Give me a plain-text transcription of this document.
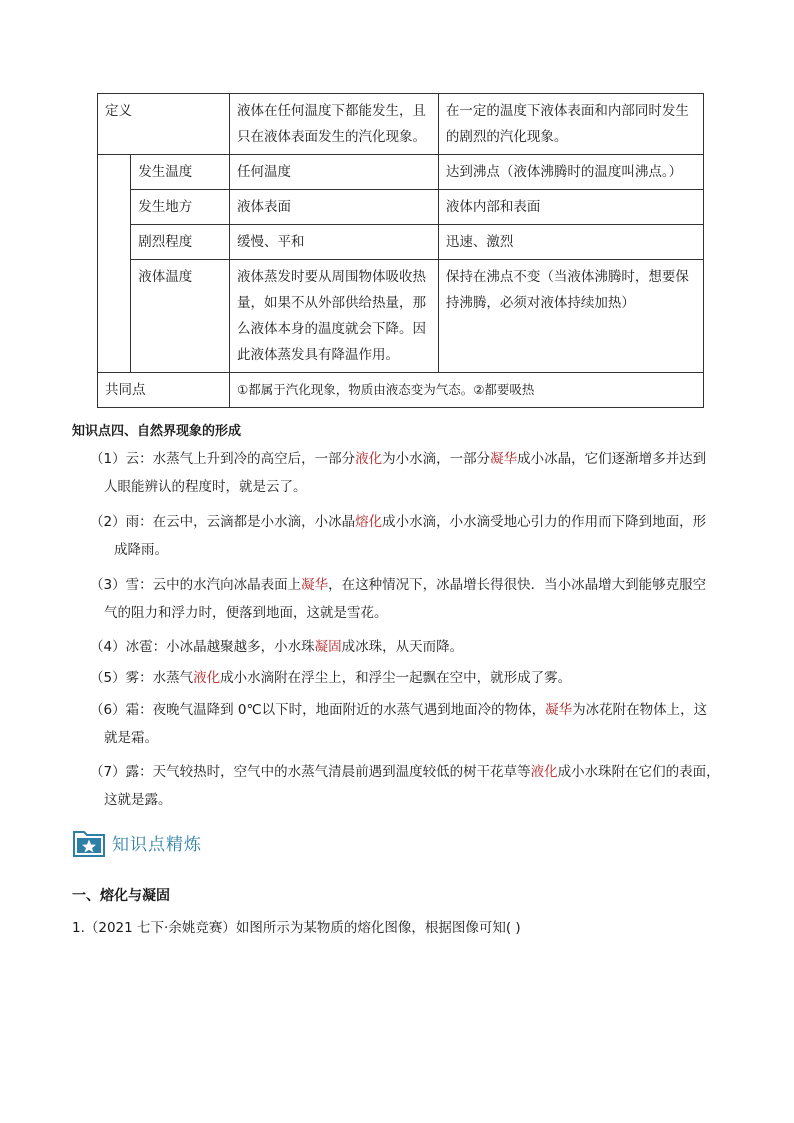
定义		液体在任何温度下都能发生，且只在液体表面发生的汽化现象。	在一定的温度下液体表面和内部同时发生的剧烈的汽化现象。
	发生温度	任何温度	达到沸点（液体沸腾时的温度叫沸点。）
	发生地方	液体表面	液体内部和表面
	剧烈程度	缓慢、平和	迅速、激烈
	液体温度	液体蒸发时要从周围物体吸收热量，如果不从外部供给热量，那么液体本身的温度就会下降。因此液体蒸发具有降温作用。	保持在沸点不变（当液体沸腾时，想要保持沸腾，必须对液体持续加热）
共同点		①都属于汽化现象，物质由液态变为气态。②都要吸热	
知识点四、自然界现象的形成
（1）云：水蒸气上升到冷的高空后，一部分液化为小水滴，一部分凝华成小冰晶，它们逐渐增多并达到
人眼能辨认的程度时，就是云了。
（2）雨：在云中，云滴都是小水滴，小冰晶熔化成小水滴，小水滴受地心引力的作用而下降到地面，形
成降雨。
（3）雪：云中的水汽向冰晶表面上凝华，在这种情况下，冰晶增长得很快．当小冰晶增大到能够克服空
气的阻力和浮力时，便落到地面，这就是雪花。
（4）冰雹：小冰晶越聚越多，小水珠凝固成冰珠，从天而降。
（5）雾：水蒸气液化成小水滴附在浮尘上，和浮尘一起飘在空中，就形成了雾。
（6）霜：夜晚气温降到 0℃以下时，地面附近的水蒸气遇到地面冷的物体，凝华为冰花附在物体上，这
就是霜。
（7）露：天气较热时，空气中的水蒸气清晨前遇到温度较低的树干花草等液化成小水珠附在它们的表面，
这就是露。
知识点精炼
一、熔化与凝固
1.（2021 七下·余姚竞赛）如图所示为某物质的熔化图像，根据图像可知( )
